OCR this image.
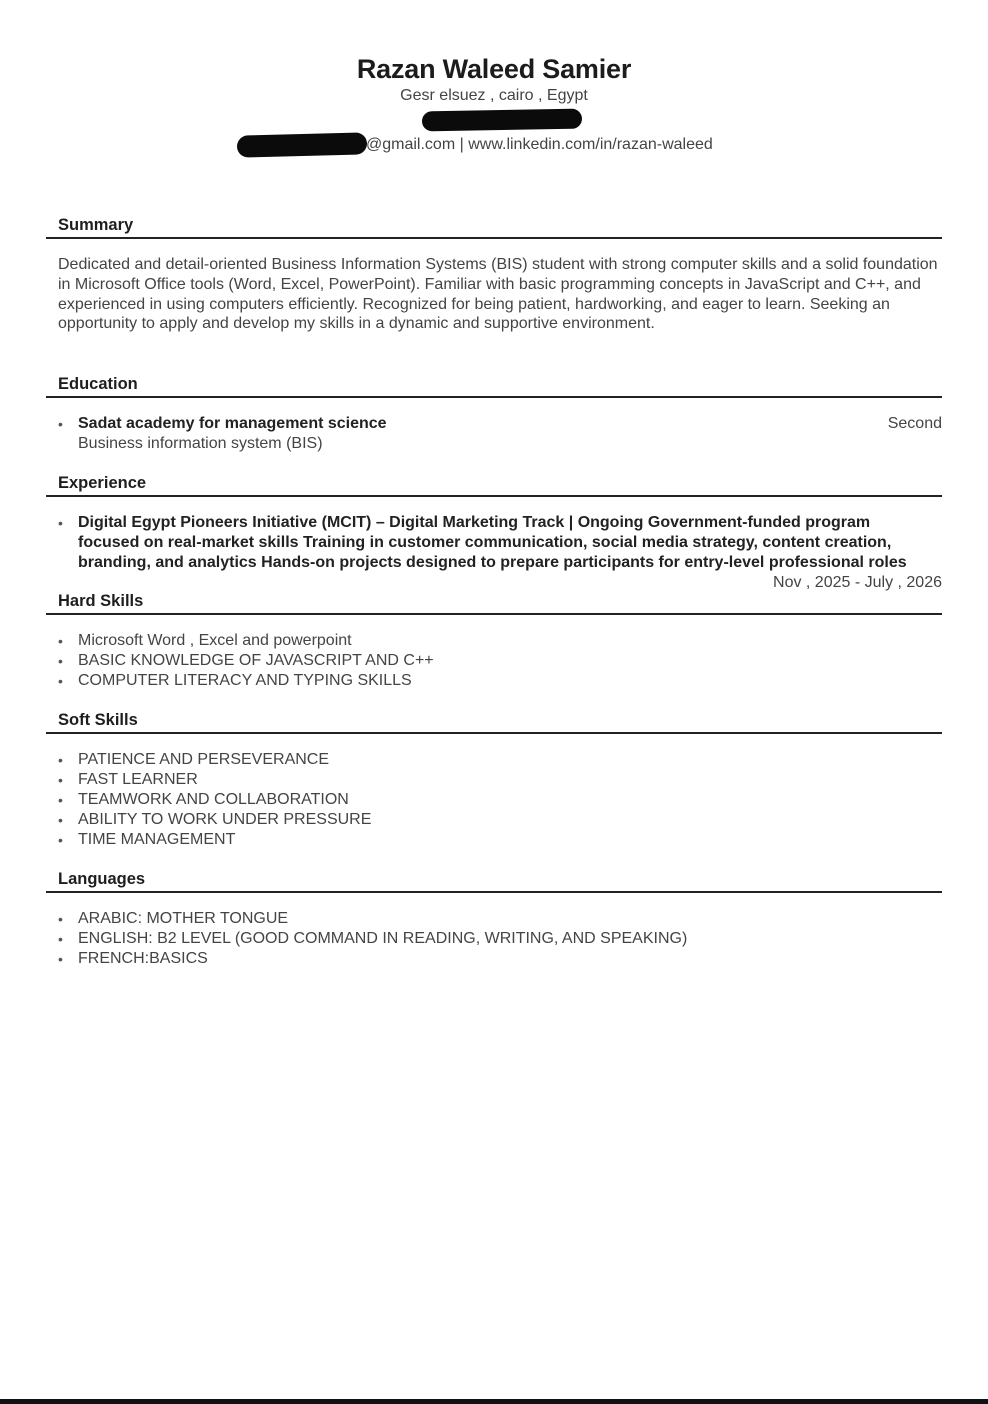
Razan Waleed Samier
Gesr elsuez , cairo , Egypt
@gmail.com | www.linkedin.com/in/razan-waleed
Summary
Dedicated and detail-oriented Business Information Systems (BIS) student with strong computer skills and a solid foundation in Microsoft Office tools (Word, Excel, PowerPoint). Familiar with basic programming concepts in JavaScript and C++, and experienced in using computers efficiently. Recognized for being patient, hardworking, and eager to learn. Seeking an opportunity to apply and develop my skills in a dynamic and supportive environment.
Education
• Sadat academy for management science
Business information system (BIS)
Second
Experience
• Digital Egypt Pioneers Initiative (MCIT) – Digital Marketing Track | Ongoing Government-funded program focused on real-market skills Training in customer communication, social media strategy, content creation, branding, and analytics Hands-on projects designed to prepare participants for entry-level professional roles
Nov , 2025 - July , 2026
Hard Skills
• Microsoft Word , Excel and powerpoint
• BASIC KNOWLEDGE OF JAVASCRIPT AND C++
• COMPUTER LITERACY AND TYPING SKILLS
Soft Skills
• PATIENCE AND PERSEVERANCE
• FAST LEARNER
• TEAMWORK AND COLLABORATION
• ABILITY TO WORK UNDER PRESSURE
• TIME MANAGEMENT
Languages
• ARABIC: MOTHER TONGUE
• ENGLISH: B2 LEVEL (GOOD COMMAND IN READING, WRITING, AND SPEAKING)
• FRENCH:BASICS
